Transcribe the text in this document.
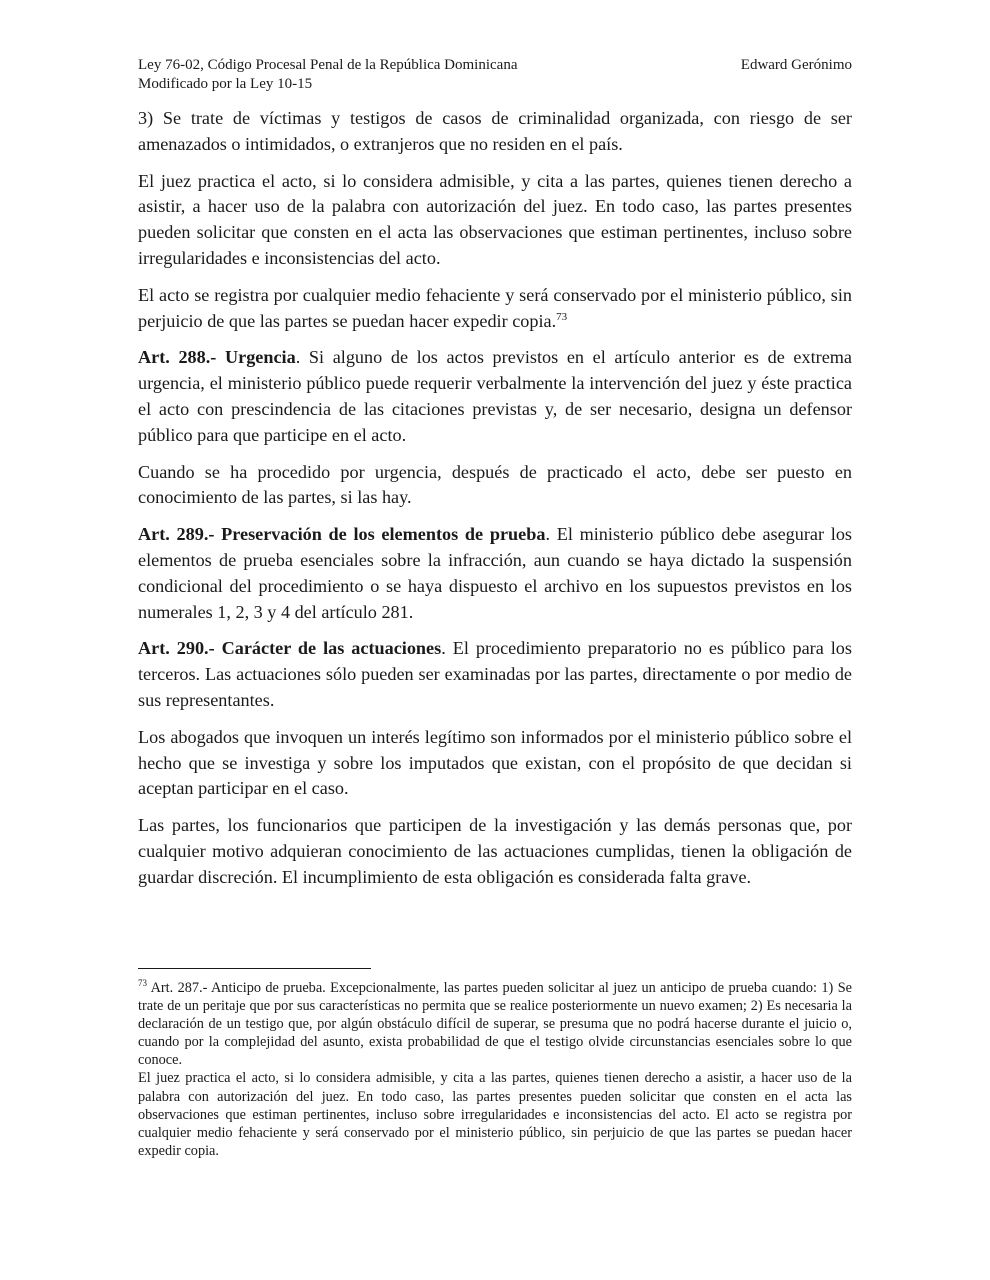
Ley 76-02, Código Procesal Penal de la República Dominicana
Modificado por la Ley 10-15
Edward Gerónimo

3) Se trate de víctimas y testigos de casos de criminalidad organizada, con riesgo de ser amenazados o intimidados, o extranjeros que no residen en el país.

El juez practica el acto, si lo considera admisible, y cita a las partes, quienes tienen derecho a asistir, a hacer uso de la palabra con autorización del juez. En todo caso, las partes presentes pueden solicitar que consten en el acta las observaciones que estiman pertinentes, incluso sobre irregularidades e inconsistencias del acto.

El acto se registra por cualquier medio fehaciente y será conservado por el ministerio público, sin perjuicio de que las partes se puedan hacer expedir copia.$^{73}$

Art. 288.- Urgencia. Si alguno de los actos previstos en el artículo anterior es de extrema urgencia, el ministerio público puede requerir verbalmente la intervención del juez y éste practica el acto con prescindencia de las citaciones previstas y, de ser necesario, designa un defensor público para que participe en el acto.

Cuando se ha procedido por urgencia, después de practicado el acto, debe ser puesto en conocimiento de las partes, si las hay.

Art. 289.- Preservación de los elementos de prueba. El ministerio público debe asegurar los elementos de prueba esenciales sobre la infracción, aun cuando se haya dictado la suspensión condicional del procedimiento o se haya dispuesto el archivo en los supuestos previstos en los numerales 1, 2, 3 y 4 del artículo 281.

Art. 290.- Carácter de las actuaciones. El procedimiento preparatorio no es público para los terceros. Las actuaciones sólo pueden ser examinadas por las partes, directamente o por medio de sus representantes.

Los abogados que invoquen un interés legítimo son informados por el ministerio público sobre el hecho que se investiga y sobre los imputados que existan, con el propósito de que decidan si aceptan participar en el caso.

Las partes, los funcionarios que participen de la investigación y las demás personas que, por cualquier motivo adquieran conocimiento de las actuaciones cumplidas, tienen la obligación de guardar discreción. El incumplimiento de esta obligación es considerada falta grave.

$^{73}$ Art. 287.- Anticipo de prueba. Excepcionalmente, las partes pueden solicitar al juez un anticipo de prueba cuando: 1) Se trate de un peritaje que por sus características no permita que se realice posteriormente un nuevo examen; 2) Es necesaria la declaración de un testigo que, por algún obstáculo difícil de superar, se presuma que no podrá hacerse durante el juicio o, cuando por la complejidad del asunto, exista probabilidad de que el testigo olvide circunstancias esenciales sobre lo que conoce.

El juez practica el acto, si lo considera admisible, y cita a las partes, quienes tienen derecho a asistir, a hacer uso de la palabra con autorización del juez. En todo caso, las partes presentes pueden solicitar que consten en el acta las observaciones que estiman pertinentes, incluso sobre irregularidades e inconsistencias del acto. El acto se registra por cualquier medio fehaciente y será conservado por el ministerio público, sin perjuicio de que las partes se puedan hacer expedir copia.
